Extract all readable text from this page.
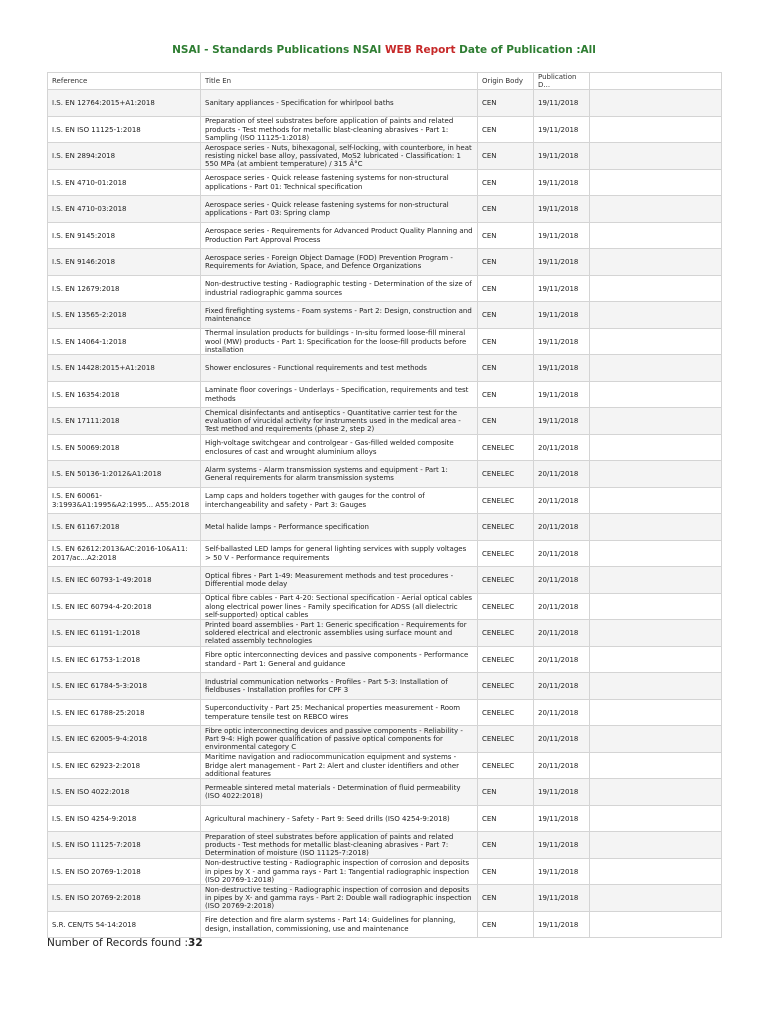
NSAI - Standards Publications NSAI WEB Report Date of Publication :All
Reference	Title En	Origin Body	Publication D...	
I.S. EN 12764:2015+A1:2018	Sanitary appliances - Specification for whirlpool baths	CEN	19/11/2018	
I.S. EN ISO 11125-1:2018	Preparation of steel substrates before application of paints and related products - Test methods for metallic blast-cleaning abrasives - Part 1: Sampling (ISO 11125-1:2018)	CEN	19/11/2018	
I.S. EN 2894:2018	Aerospace series - Nuts, bihexagonal, self-locking, with counterbore, in heat resisting nickel base alloy, passivated, MoS2 lubricated - Classification: 1 550 MPa (at ambient temperature) / 315 Â°C	CEN	19/11/2018	
I.S. EN 4710-01:2018	Aerospace series - Quick release fastening systems for non-structural applications - Part 01: Technical specification	CEN	19/11/2018	
I.S. EN 4710-03:2018	Aerospace series - Quick release fastening systems for non-structural applications - Part 03: Spring clamp	CEN	19/11/2018	
I.S. EN 9145:2018	Aerospace series - Requirements for Advanced Product Quality Planning and Production Part Approval Process	CEN	19/11/2018	
I.S. EN 9146:2018	Aerospace series - Foreign Object Damage (FOD) Prevention Program - Requirements for Aviation, Space, and Defence Organizations	CEN	19/11/2018	
I.S. EN 12679:2018	Non-destructive testing - Radiographic testing - Determination of the size of industrial radiographic gamma sources	CEN	19/11/2018	
I.S. EN 13565-2:2018	Fixed firefighting systems - Foam systems - Part 2: Design, construction and maintenance	CEN	19/11/2018	
I.S. EN 14064-1:2018	Thermal insulation products for buildings - In-situ formed loose-fill mineral wool (MW) products - Part 1: Specification for the loose-fill products before installation	CEN	19/11/2018	
I.S. EN 14428:2015+A1:2018	Shower enclosures - Functional requirements and test methods	CEN	19/11/2018	
I.S. EN 16354:2018	Laminate floor coverings - Underlays - Specification, requirements and test methods	CEN	19/11/2018	
I.S. EN 17111:2018	Chemical disinfectants and antiseptics - Quantitative carrier test for the evaluation of virucidal activity for instruments used in the medical area - Test method and requirements (phase 2, step 2)	CEN	19/11/2018	
I.S. EN 50069:2018	High-voltage switchgear and controlgear - Gas-filled welded composite enclosures of cast and wrought aluminium alloys	CENELEC	20/11/2018	
I.S. EN 50136-1:2012&A1:2018	Alarm systems - Alarm transmission systems and equipment - Part 1: General requirements for alarm transmission systems	CENELEC	20/11/2018	
I.S. EN 60061-3:1993&A1:1995&A2:1995... A55:2018	Lamp caps and holders together with gauges for the control of interchangeability and safety - Part 3: Gauges	CENELEC	20/11/2018	
I.S. EN 61167:2018	Metal halide lamps - Performance specification	CENELEC	20/11/2018	
I.S. EN 62612:2013&AC:2016-10&A11: 2017/ac...A2:2018	Self-ballasted LED lamps for general lighting services with supply voltages > 50 V - Performance requirements	CENELEC	20/11/2018	
I.S. EN IEC 60793-1-49:2018	Optical fibres - Part 1-49: Measurement methods and test procedures - Differential mode delay	CENELEC	20/11/2018	
I.S. EN IEC 60794-4-20:2018	Optical fibre cables - Part 4-20: Sectional specification - Aerial optical cables along electrical power lines - Family specification for ADSS (all dielectric self-supported) optical cables	CENELEC	20/11/2018	
I.S. EN IEC 61191-1:2018	Printed board assemblies - Part 1: Generic specification - Requirements for soldered electrical and electronic assemblies using surface mount and related assembly technologies	CENELEC	20/11/2018	
I.S. EN IEC 61753-1:2018	Fibre optic interconnecting devices and passive components - Performance standard - Part 1: General and guidance	CENELEC	20/11/2018	
I.S. EN IEC 61784-5-3:2018	Industrial communication networks - Profiles - Part 5-3: Installation of fieldbuses - Installation profiles for CPF 3	CENELEC	20/11/2018	
I.S. EN IEC 61788-25:2018	Superconductivity - Part 25: Mechanical properties measurement - Room temperature tensile test on REBCO wires	CENELEC	20/11/2018	
I.S. EN IEC 62005-9-4:2018	Fibre optic interconnecting devices and passive components - Reliability - Part 9-4: High power qualification of passive optical components for environmental category C	CENELEC	20/11/2018	
I.S. EN IEC 62923-2:2018	Maritime navigation and radiocommunication equipment and systems - Bridge alert management - Part 2: Alert and cluster identifiers and other additional features	CENELEC	20/11/2018	
I.S. EN ISO 4022:2018	Permeable sintered metal materials - Determination of fluid permeability (ISO 4022:2018)	CEN	19/11/2018	
I.S. EN ISO 4254-9:2018	Agricultural machinery - Safety - Part 9: Seed drills (ISO 4254-9:2018)	CEN	19/11/2018	
I.S. EN ISO 11125-7:2018	Preparation of steel substrates before application of paints and related products - Test methods for metallic blast-cleaning abrasives - Part 7: Determination of moisture (ISO 11125-7:2018)	CEN	19/11/2018	
I.S. EN ISO 20769-1:2018	Non-destructive testing - Radiographic inspection of corrosion and deposits in pipes by X - and gamma rays - Part 1: Tangential radiographic inspection (ISO 20769-1:2018)	CEN	19/11/2018	
I.S. EN ISO 20769-2:2018	Non-destructive testing - Radiographic inspection of corrosion and deposits in pipes by X- and gamma rays - Part 2: Double wall radiographic inspection (ISO 20769-2:2018)	CEN	19/11/2018	
S.R. CEN/TS 54-14:2018	Fire detection and fire alarm systems - Part 14: Guidelines for planning, design, installation, commissioning, use and maintenance	CEN	19/11/2018	
Number of Records found :32
